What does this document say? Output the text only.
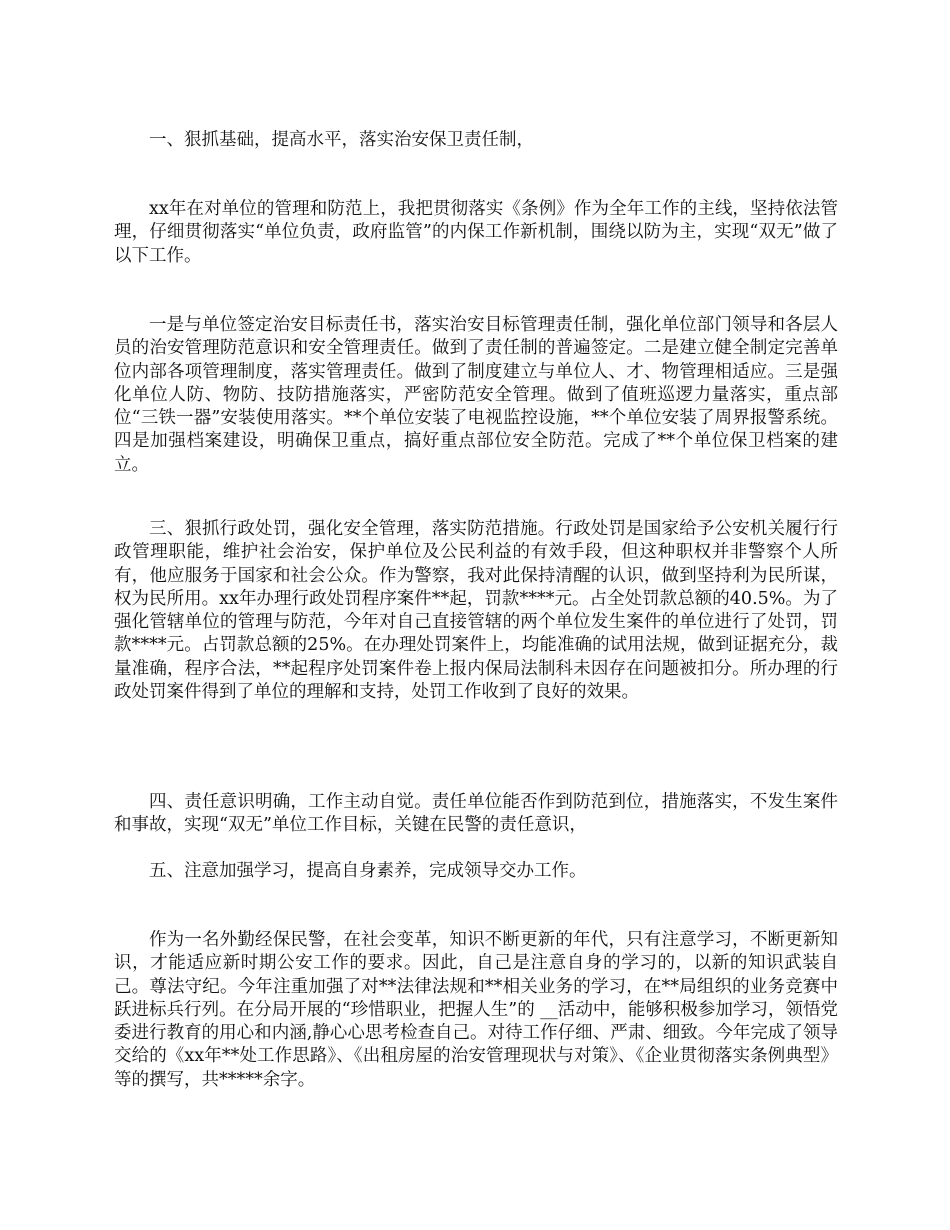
一、狠抓基础，提高水平，落实治安保卫责任制，

xx年在对单位的管理和防范上，我把贯彻落实《条例》作为全年工作的主线，坚持依法管理，仔细贯彻落实“单位负责，政府监管”的内保工作新机制，围绕以防为主，实现“双无”做了以下工作。

一是与单位签定治安目标责任书，落实治安目标管理责任制，强化单位部门领导和各层人员的治安管理防范意识和安全管理责任。做到了责任制的普遍签定。二是建立健全制定完善单位内部各项管理制度，落实管理责任。做到了制度建立与单位人、才、物管理相适应。三是强化单位人防、物防、技防措施落实，严密防范安全管理。做到了值班巡逻力量落实，重点部位“三铁一器”安装使用落实。**个单位安装了电视监控设施，**个单位安装了周界报警系统。四是加强档案建设，明确保卫重点，搞好重点部位安全防范。完成了**个单位保卫档案的建立。

三、狠抓行政处罚，强化安全管理，落实防范措施。行政处罚是国家给予公安机关履行行政管理职能，维护社会治安，保护单位及公民利益的有效手段，但这种职权并非警察个人所有，他应服务于国家和社会公众。作为警察，我对此保持清醒的认识，做到坚持利为民所谋，权为民所用。xx年办理行政处罚程序案件**起，罚款****元。占全处罚款总额的40.5%。为了强化管辖单位的管理与防范，今年对自己直接管辖的两个单位发生案件的单位进行了处罚，罚款****元。占罚款总额的25%。在办理处罚案件上，均能准确的试用法规，做到证据充分，裁量准确，程序合法，**起程序处罚案件卷上报内保局法制科未因存在问题被扣分。所办理的行政处罚案件得到了单位的理解和支持，处罚工作收到了良好的效果。

四、责任意识明确，工作主动自觉。责任单位能否作到防范到位，措施落实，不发生案件和事故，实现“双无”单位工作目标，关键在民警的责任意识，

五、注意加强学习，提高自身素养，完成领导交办工作。

作为一名外勤经保民警，在社会变革，知识不断更新的年代，只有注意学习，不断更新知识，才能适应新时期公安工作的要求。因此，自己是注意自身的学习的，以新的知识武装自己。尊法守纪。今年注重加强了对**法律法规和**相关业务的学习，在**局组织的业务竞赛中跃进标兵行列。在分局开展的“珍惜职业，把握人生”的 __活动中，能够积极参加学习，领悟党委进行教育的用心和内涵,静心心思考检查自己。对待工作仔细、严肃、细致。今年完成了领导交给的《xx年**处工作思路》、《出租房屋的治安管理现状与对策》、《企业贯彻落实条例典型》等的撰写，共*****余字。
